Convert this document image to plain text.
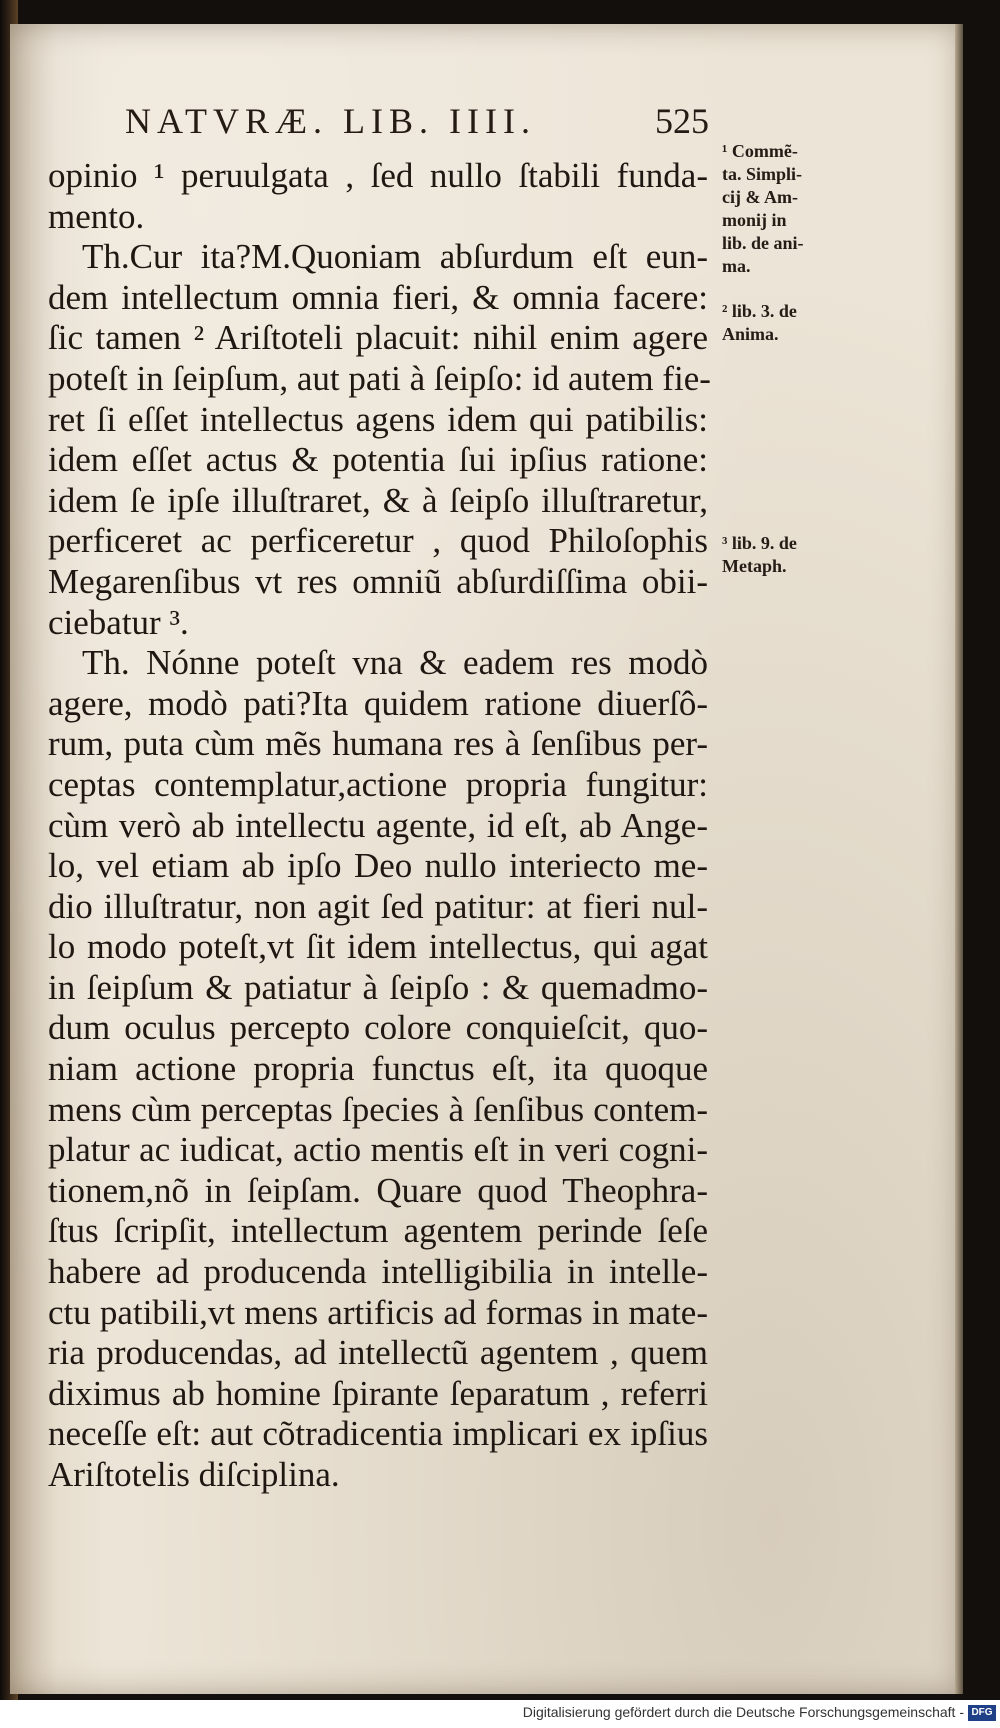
NATVRÆ. LIB. IIII.	525
opinio ¹ peruulgata , ſed nullo ſtabili funda-
mento.
Th.Cur ita?M.Quoniam abſurdum eſt eun-
dem intellectum omnia fieri, & omnia facere:
ſic tamen ² Ariſtoteli placuit: nihil enim agere
poteſt in ſeipſum, aut pati à ſeipſo: id autem fie-
ret ſi eſſet intellectus agens idem qui patibilis:
idem eſſet actus & potentia ſui ipſius ratione:
idem ſe ipſe illuſtraret, & à ſeipſo illuſtraretur,
perficeret ac perficeretur , quod Philoſophis
Megarenſibus vt res omniũ abſurdiſſima obii-
ciebatur ³.
Th. Nónne poteſt vna & eadem res modò
agere, modò pati?Ita quidem ratione diuerſô-
rum, puta cùm mẽs humana res à ſenſibus per-
ceptas contemplatur,actione propria fungitur:
cùm verò ab intellectu agente, id eſt, ab Ange-
lo, vel etiam ab ipſo Deo nullo interiecto me-
dio illuſtratur, non agit ſed patitur: at fieri nul-
lo modo poteſt,vt ſit idem intellectus, qui agat
in ſeipſum & patiatur à ſeipſo : & quemadmo-
dum oculus percepto colore conquieſcit, quo-
niam actione propria functus eſt, ita quoque
mens cùm perceptas ſpecies à ſenſibus contem-
platur ac iudicat, actio mentis eſt in veri cogni-
tionem,nõ in ſeipſam. Quare quod Theophra-
ſtus ſcripſit, intellectum agentem perinde ſeſe
habere ad producenda intelligibilia in intelle-
ctu patibili,vt mens artificis ad formas in mate-
ria producendas, ad intellectũ agentem , quem
diximus ab homine ſpirante ſeparatum , referri
neceſſe eſt: aut cõtradicentia implicari ex ipſius
Ariſtotelis diſciplina.
¹ Commẽ-
ta. Simpli-
cij & Am-
monij in
lib. de ani-
ma.
² lib. 3. de
Anima.
³ lib. 9. de
Metaph.
Digitalisierung gefördert durch die Deutsche Forschungsgemeinschaft - DFG
